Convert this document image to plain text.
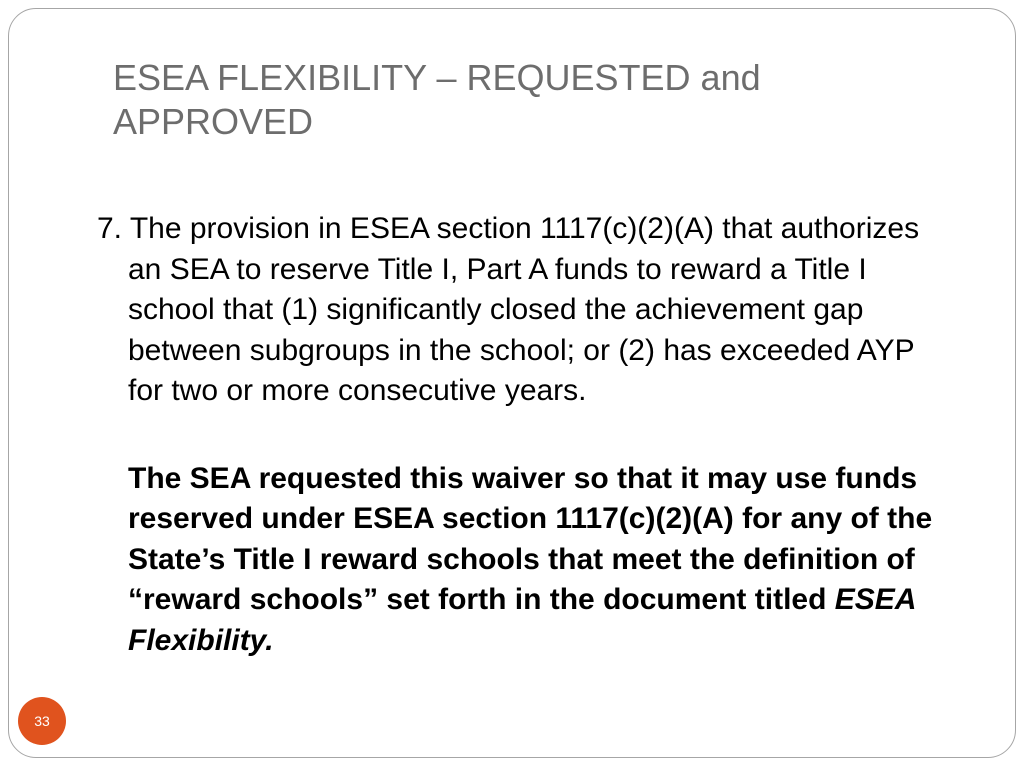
ESEA FLEXIBILITY – REQUESTED and APPROVED

7. The provision in ESEA section 1117(c)(2)(A) that authorizes an SEA to reserve Title I, Part A funds to reward a Title I school that (1) significantly closed the achievement gap between subgroups in the school; or (2) has exceeded AYP for two or more consecutive years.

The SEA requested this waiver so that it may use funds reserved under ESEA section 1117(c)(2)(A) for any of the State’s Title I reward schools that meet the definition of “reward schools” set forth in the document titled ESEA Flexibility.

33
